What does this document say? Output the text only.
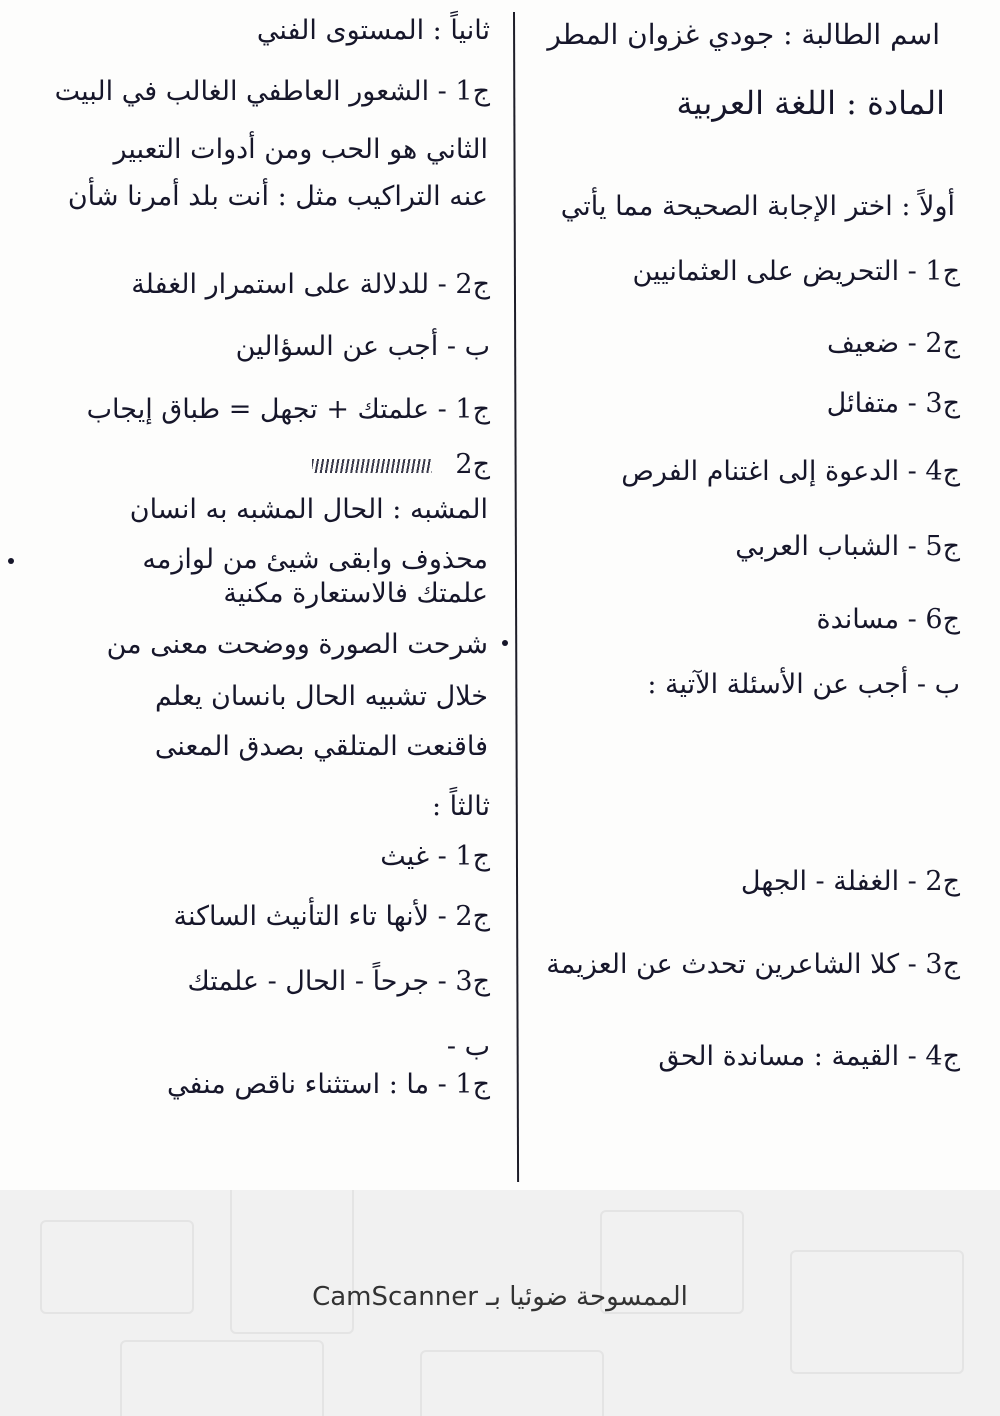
اسم الطالبة : جودي غزوان المطر
المادة : اللغة العربية
أولاً : اختر الإجابة الصحيحة مما يأتي
ج1 - التحريض على العثمانيين
ج2 - ضعيف
ج3 - متفائل
ج4 - الدعوة إلى اغتنام الفرص
ج5 - الشباب العربي
ج6 - مساندة
ب - أجب عن الأسئلة الآتية :
ج2 - الغفلة - الجهل
ج3 - كلا الشاعرين تحدث عن العزيمة
ج4 - القيمة : مساندة الحق
ثانياً : المستوى الفني
ج1 - الشعور العاطفي الغالب في البيت
الثاني هو الحب ومن أدوات التعبير
عنه التراكيب مثل : أنت بلد أمرنا شأن
ج2 - للدلالة على استمرار الغفلة
ب - أجب عن السؤالين
ج1 - علمتك + تجهل = طباق إيجاب
ج2
المشبه : الحال المشبه به انسان
محذوف وابقى شيئ من لوازمه
علمتك فالاستعارة مكنية
شرحت الصورة ووضحت معنى من
خلال تشبيه الحال بانسان يعلم
فاقنعت المتلقي بصدق المعنى
ثالثاً :
ج1 - غيث
ج2 - لأنها تاء التأنيث الساكنة
ج3 - جرحاً - الحال - علمتك
ب -
ج1 - ما : استثناء ناقص منفي
الممسوحة ضوئيا بـ CamScanner
